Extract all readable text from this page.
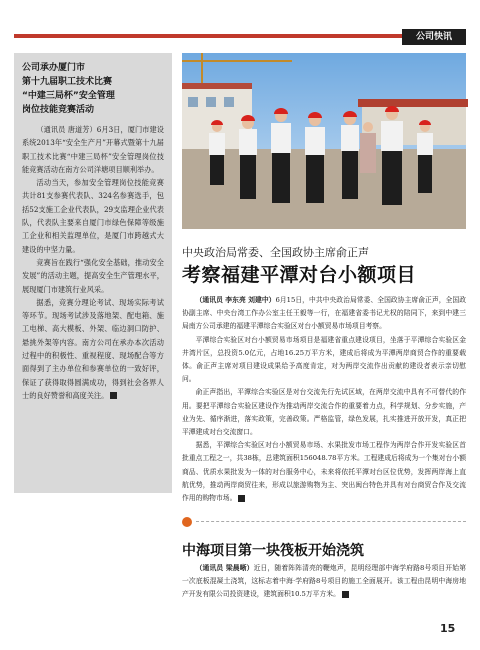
公司快讯
公司承办厦门市
第十九届职工技术比赛
“中建三局杯”安全管理
岗位技能竞赛活动

（通讯员 唐道芳）6月3日，厦门市建设系统2013年“安全生产月”开幕式暨第十九届职工技术比赛“中建三局杯”安全管理岗位技能竞赛活动在南方公司洋塘项目顺利举办。

活动当天，参加安全管理岗位技能竞赛共计81支参赛代表队、324名参赛选手，包括52支施工企业代表队，29支监理企业代表队，代表队主要来自厦门市绿色保障等级施工企业和相关监理单位，是厦门市跨越式大建设的中坚力量。

竞赛旨在践行“强化安全基础，推动安全发展”的活动主题，提高安全生产管理水平，展现厦门市建筑行业风采。

据悉，竞赛分理论考试、现场实际考试等环节。现场考试涉及落地架、配电箱、施工电梯、高大模板、外架、临边洞口防护、悬挑外架等内容。南方公司在承办本次活动过程中的积极性、重视程度、现场配合等方面得到了主办单位和参赛单位的一致好评，保证了获得取得圆满成功，得到社会各界人士的良好赞誉和高度关注。

中央政治局常委、全国政协主席俞正声
考察福建平潭对台小额项目

（通讯员 李东亮 刘建中）6月15日，中共中央政治局常委、全国政协主席俞正声，全国政协副主席、中央台湾工作办公室主任王毅等一行，在福建省委书记尤权的陪同下，来到中建三局南方公司承建的福建平潭综合实验区对台小额贸易市场项目考察。

平潭综合实验区对台小额贸易市场项目是福建省重点建设项目，坐落于平潭综合实验区金井湾片区，总投资5.0亿元，占地16.25万平方米，建成后将成为平潭两岸商贸合作的重要载体。俞正声主席对项目建设成果给予高度肯定，对为两岸交流作出贡献的建设者表示亲切慰问。

俞正声指出，平潭综合实验区是对台交流先行先试区域，在两岸交流中具有不可替代的作用。要把平潭综合实验区建设作为推动两岸交流合作的重要着力点，科学规划、分步实施，产业为先、循序渐进，落实政策，完善政策。严格监管，绿色发展，扎实推进开放开发，真正把平潭建成对台交流窗口。

据悉，平潭综合实验区对台小额贸易市场、水果批发市场工程作为两岸合作开发实验区首批重点工程之一，共38栋，总建筑面积156048.78平方米。工程建成后将成为一个集对台小额商品、优质水果批发为一体的对台服务中心，未来将依托平潭对台区位优势，发挥两岸海上直航优势，推动两岸商贸往来，形成以旅游购物为主、突出闽台特色并具有对台商贸合作及交流作用的购物市场。

中海项目第一块筏板开始浇筑

（通讯员 梁晨晰）近日，随着阵阵清亮的鞭炮声，昆明经理部中海学府路8号项目开始第一次底板混凝土浇筑，这标志着中海·学府路8号项目的施工全面展开。该工程由昆明中海房地产开发有限公司投资建设，建筑面积10.5万平方米。

15
